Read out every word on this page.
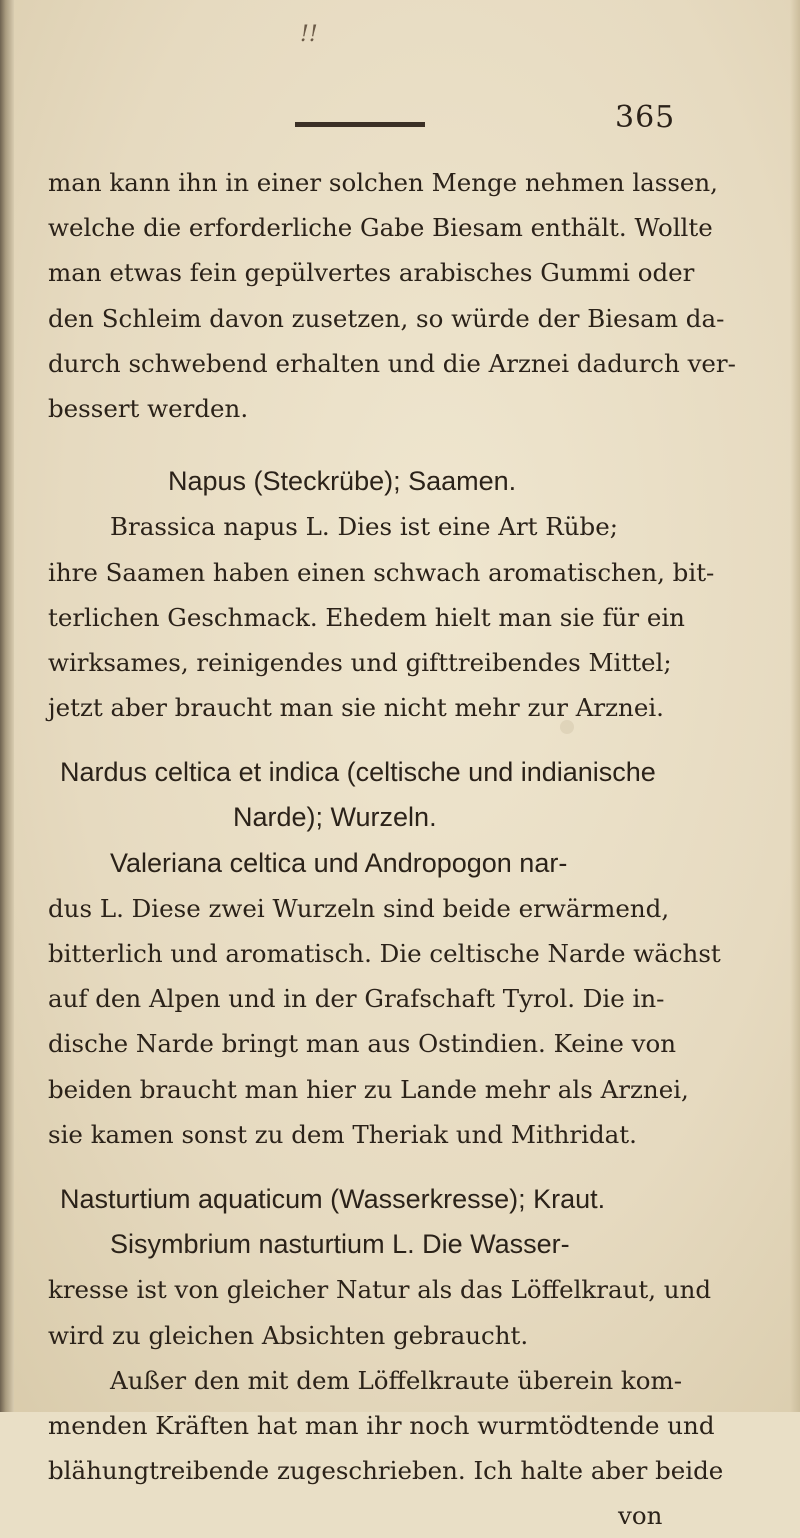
!!
365
man kann ihn in einer solchen Menge nehmen lassen,
welche die erforderliche Gabe Biesam enthält. Wollte
man etwas fein gepülvertes arabisches Gummi oder
den Schleim davon zusetzen, so würde der Biesam da-
durch schwebend erhalten und die Arznei dadurch ver-
bessert werden.
Napus (Steckrübe); Saamen.
Brassica napus L. Dies ist eine Art Rübe;
ihre Saamen haben einen schwach aromatischen, bit-
terlichen Geschmack. Ehedem hielt man sie für ein
wirksames, reinigendes und gifttreibendes Mittel;
jetzt aber braucht man sie nicht mehr zur Arznei.
Nardus celtica et indica (celtische und indianische
Narde); Wurzeln.
Valeriana celtica und Andropogon nar-
dus L. Diese zwei Wurzeln sind beide erwärmend,
bitterlich und aromatisch. Die celtische Narde wächst
auf den Alpen und in der Grafschaft Tyrol. Die in-
dische Narde bringt man aus Ostindien. Keine von
beiden braucht man hier zu Lande mehr als Arznei,
sie kamen sonst zu dem Theriak und Mithridat.
Nasturtium aquaticum (Wasserkresse); Kraut.
Sisymbrium nasturtium L. Die Wasser-
kresse ist von gleicher Natur als das Löffelkraut, und
wird zu gleichen Absichten gebraucht.
Außer den mit dem Löffelkraute überein kom-
menden Kräften hat man ihr noch wurmtödtende und
blähungtreibende zugeschrieben. Ich halte aber beide
von
